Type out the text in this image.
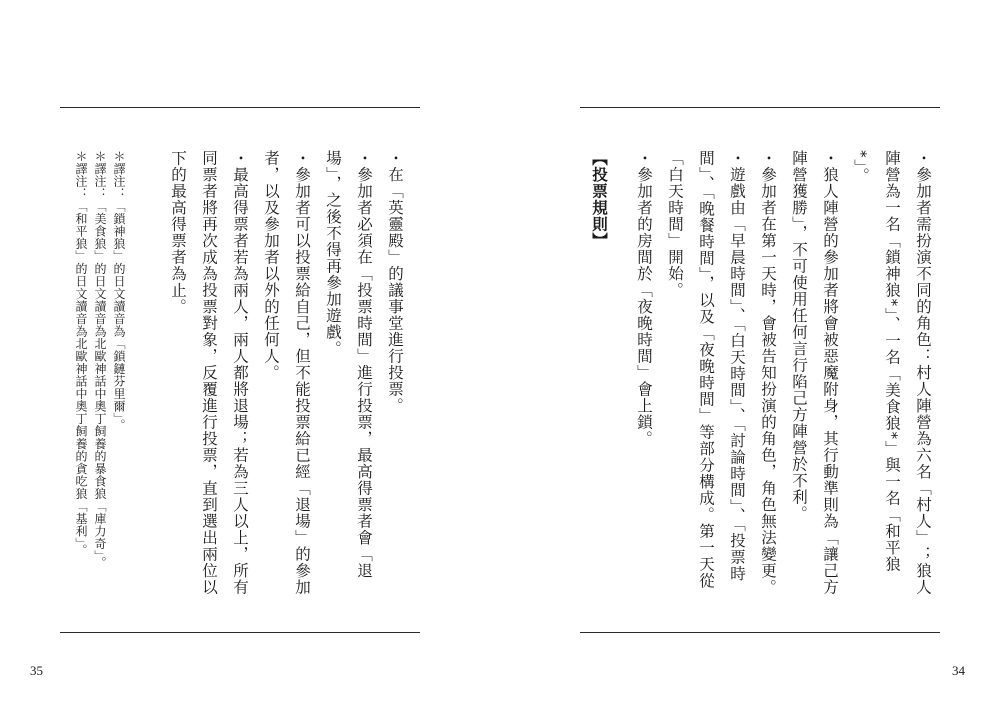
・在「英靈殿」的議事堂進行投票。

・參加者必須在「投票時間」進行投票，最高得票者會「退場」，之後不得再參加遊戲。

・參加者可以投票給自己，但不能投票給已經「退場」的參加者，以及參加者以外的任何人。

・最高得票者若為兩人，兩人都將退場；若為三人以上，所有同票者將再次成為投票對象，反覆進行投票，直到選出兩位以下的最高得票者為止。

＊譯注：「鎖神狼」的日文讀音為「鎖鏈芬里爾」。

＊譯注：「美食狼」的日文讀音為北歐神話中奧丁飼養的暴食狼「庫力奇」。

＊譯注：「和平狼」的日文讀音為北歐神話中奧丁飼養的貪吃狼「基利」。

35

・參加者需扮演不同的角色：村人陣營為六名「村人」；狼人陣營為一名「鎖神狼*」、一名「美食狼*」與一名「和平狼*」。

・狼人陣營的參加者將會被惡魔附身，其行動準則為「讓己方陣營獲勝」，不可使用任何言行陷己方陣營於不利。

・參加者在第一天時，會被告知扮演的角色，角色無法變更。

・遊戲由「早晨時間」、「白天時間」、「討論時間」、「投票時間」、「晚餐時間」，以及「夜晚時間」等部分構成。第一天從「白天時間」開始。

・參加者的房間於「夜晚時間」會上鎖。

【投票規則】

34
